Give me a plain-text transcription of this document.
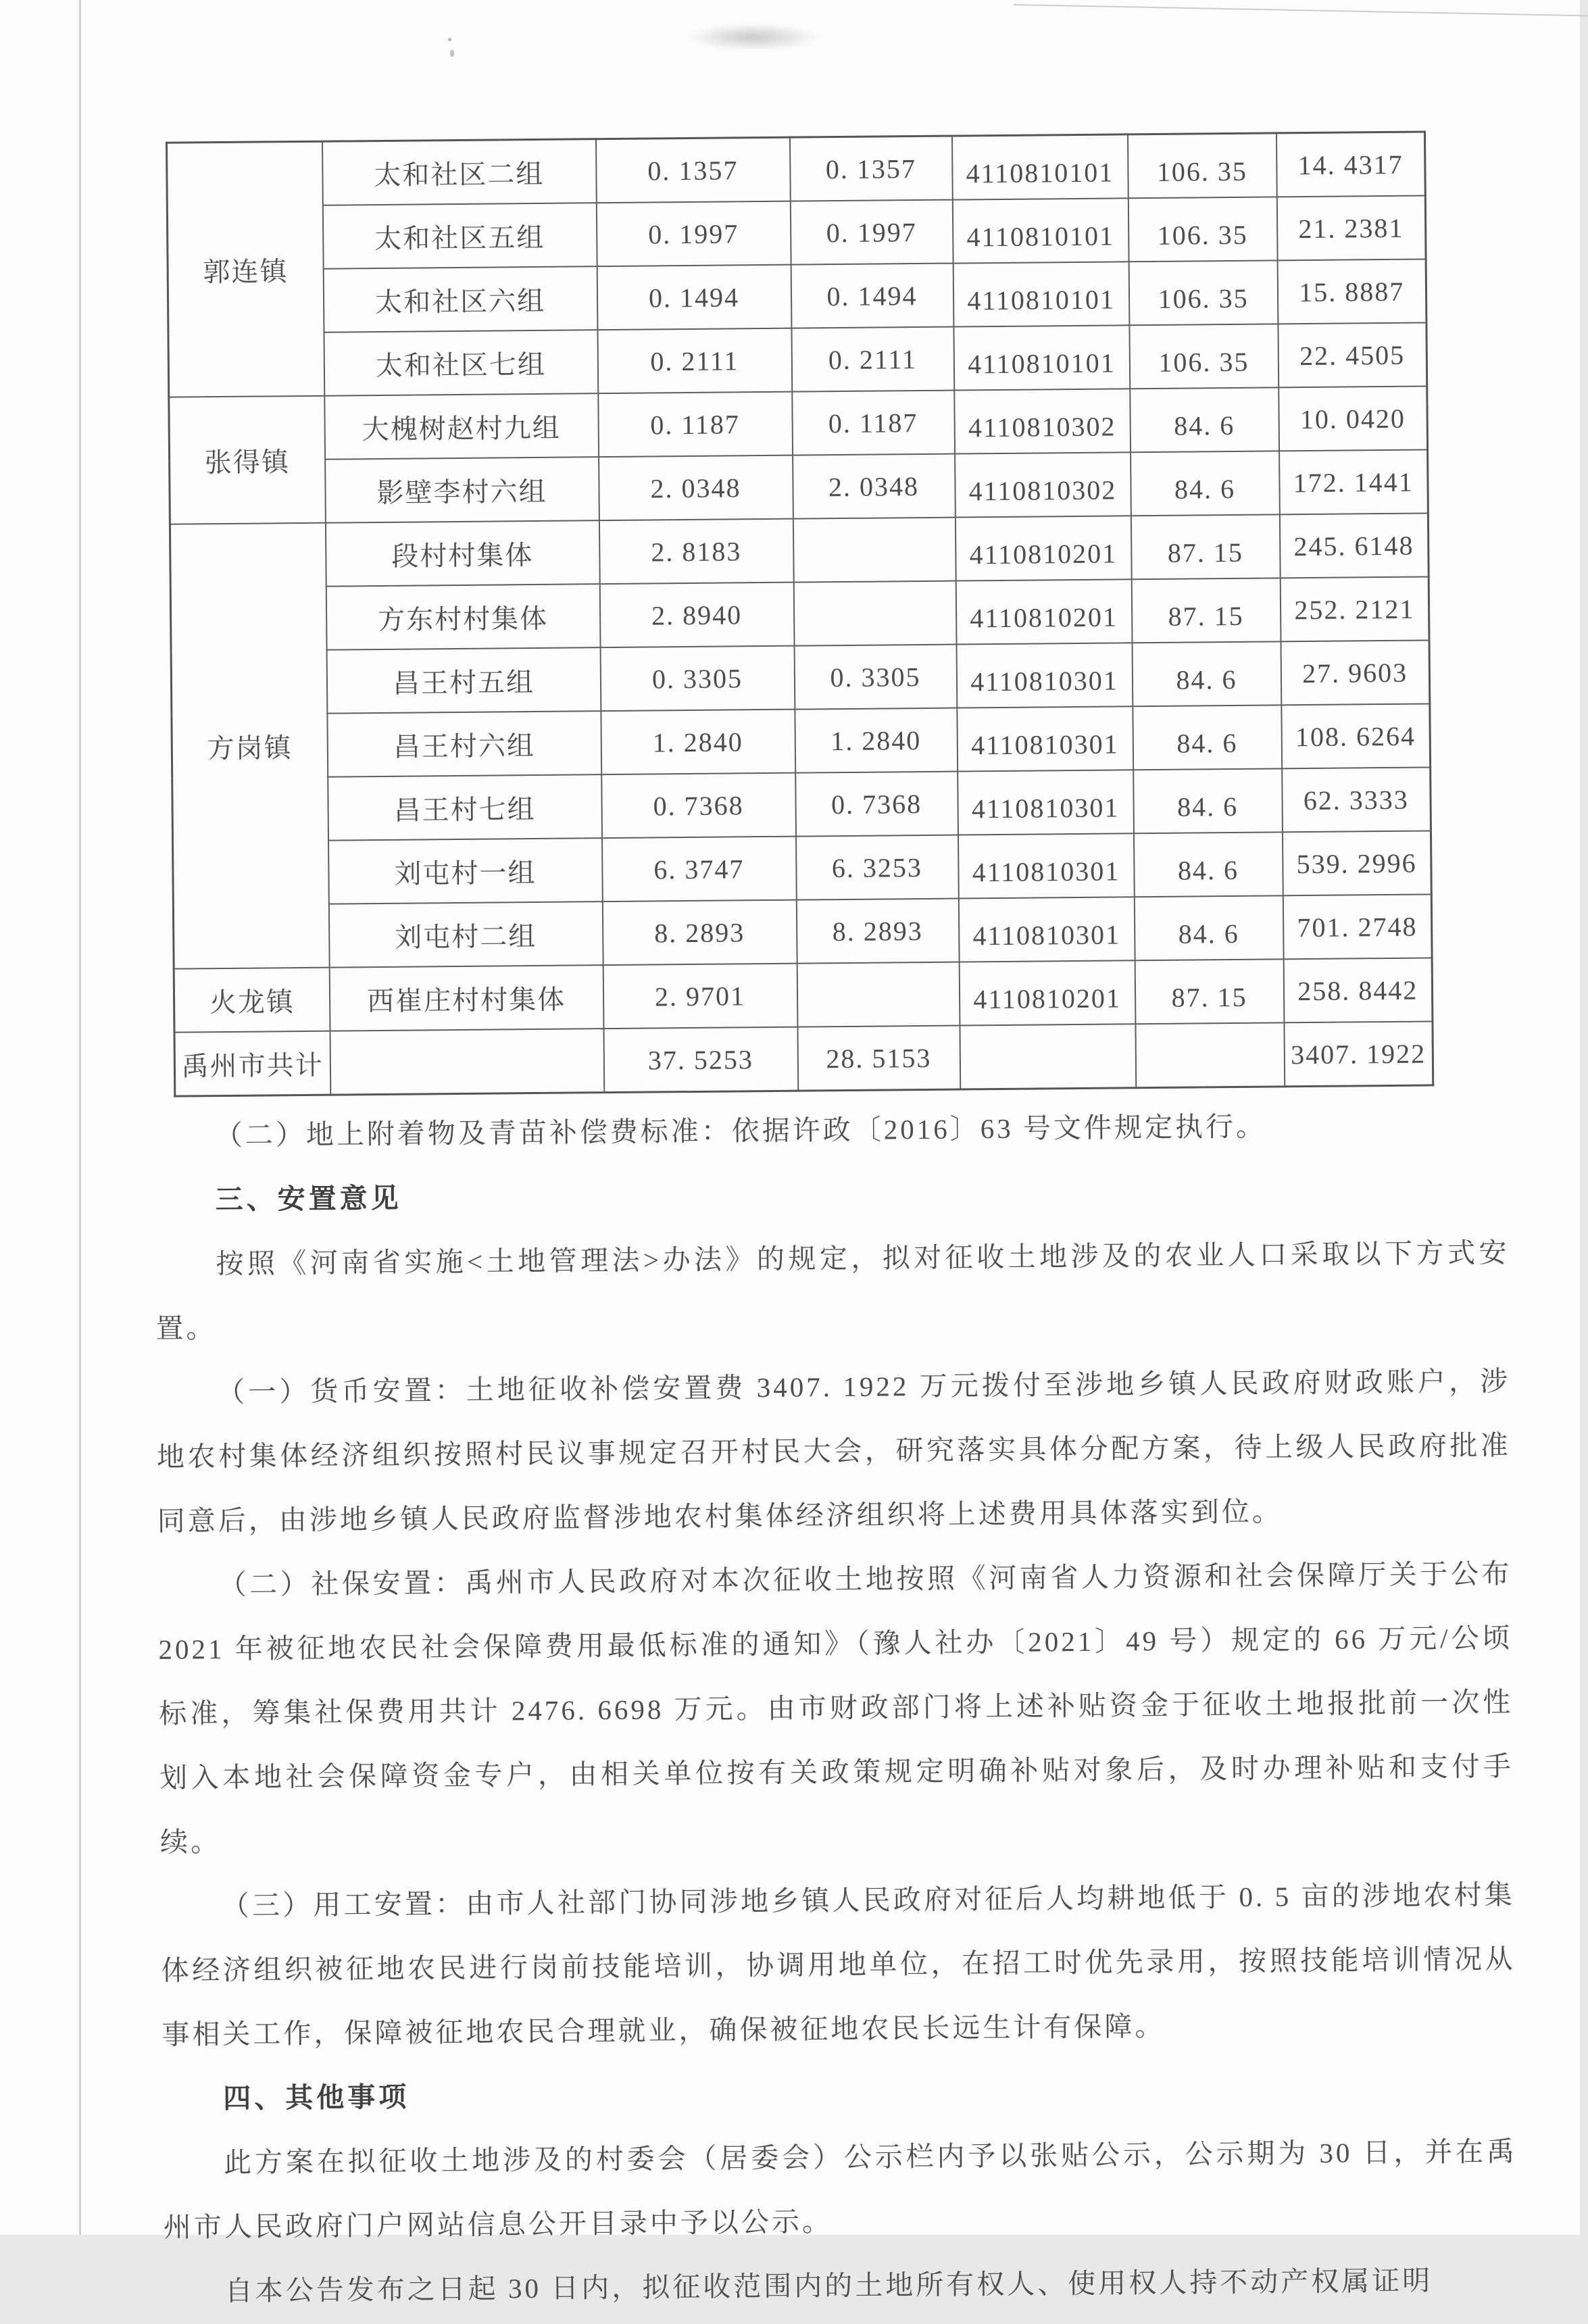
郭连镇	太和社区二组	0. 1357	0. 1357	4110810101	106. 35	14. 4317
	太和社区五组	0. 1997	0. 1997	4110810101	106. 35	21. 2381
	太和社区六组	0. 1494	0. 1494	4110810101	106. 35	15. 8887
	太和社区七组	0. 2111	0. 2111	4110810101	106. 35	22. 4505
张得镇	大槐树赵村九组	0. 1187	0. 1187	4110810302	84. 6	10. 0420
	影壁李村六组	2. 0348	2. 0348	4110810302	84. 6	172. 1441
方岗镇	段村村集体	2. 8183		4110810201	87. 15	245. 6148
	方东村村集体	2. 8940		4110810201	87. 15	252. 2121
	昌王村五组	0. 3305	0. 3305	4110810301	84. 6	27. 9603
	昌王村六组	1. 2840	1. 2840	4110810301	84. 6	108. 6264
	昌王村七组	0. 7368	0. 7368	4110810301	84. 6	62. 3333
	刘屯村一组	6. 3747	6. 3253	4110810301	84. 6	539. 2996
	刘屯村二组	8. 2893	8. 2893	4110810301	84. 6	701. 2748
火龙镇	西崔庄村村集体	2. 9701		4110810201	87. 15	258. 8442
禹州市共计		37. 5253	28. 5153			3407. 1922

（二）地上附着物及青苗补偿费标准：依据许政〔2016〕63 号文件规定执行。

三、安置意见

按照《河南省实施<土地管理法>办法》的规定，拟对征收土地涉及的农业人口采取以下方式安置。

（一）货币安置：土地征收补偿安置费 3407. 1922 万元拨付至涉地乡镇人民政府财政账户，涉地农村集体经济组织按照村民议事规定召开村民大会，研究落实具体分配方案，待上级人民政府批准同意后，由涉地乡镇人民政府监督涉地农村集体经济组织将上述费用具体落实到位。

（二）社保安置：禹州市人民政府对本次征收土地按照《河南省人力资源和社会保障厅关于公布 2021 年被征地农民社会保障费用最低标准的通知》（豫人社办〔2021〕49 号）规定的 66 万元/公顷标准，筹集社保费用共计 2476. 6698 万元。由市财政部门将上述补贴资金于征收土地报批前一次性划入本地社会保障资金专户，由相关单位按有关政策规定明确补贴对象后，及时办理补贴和支付手续。

（三）用工安置：由市人社部门协同涉地乡镇人民政府对征后人均耕地低于 0. 5 亩的涉地农村集体经济组织被征地农民进行岗前技能培训，协调用地单位，在招工时优先录用，按照技能培训情况从事相关工作，保障被征地农民合理就业，确保被征地农民长远生计有保障。

四、其他事项

此方案在拟征收土地涉及的村委会（居委会）公示栏内予以张贴公示，公示期为 30 日，并在禹州市人民政府门户网站信息公开目录中予以公示。

自本公告发布之日起 30 日内，拟征收范围内的土地所有权人、使用权人持不动产权属证明
